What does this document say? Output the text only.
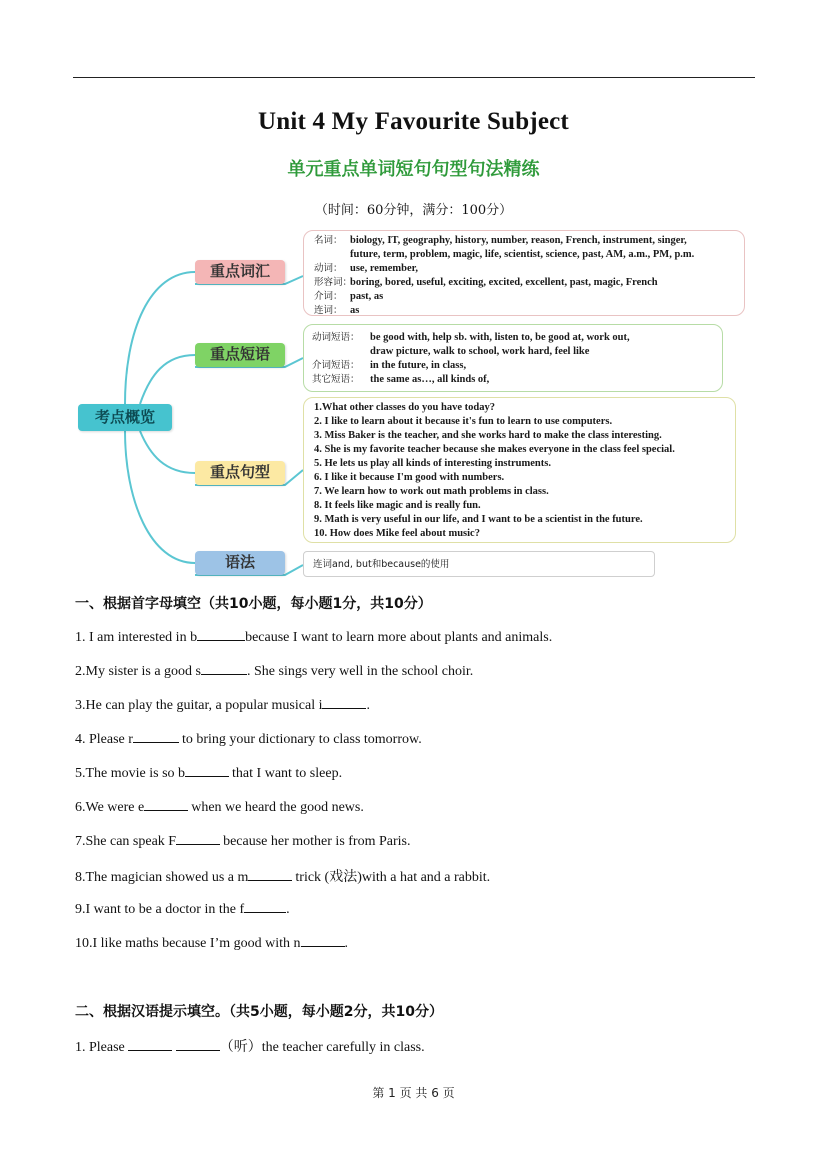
Unit 4 My Favourite Subject
单元重点单词短句句型句法精练
（时间：60分钟，满分：100分）
考点概览
重点词汇
重点短语
重点句型
语法
名词： biology, IT, geography, history, number, reason, French, instrument, singer,
future, term, problem, magic, life, scientist, science, past, AM, a.m., PM, p.m.
动词： use, remember,
形容词：
boring, bored, useful, exciting, excited, excellent, past, magic, French
介词： past, as
连词： as
动词短语： be good with, help sb. with, listen to, be good at, work out,
draw picture, walk to school, work hard, feel like
介词短语： in the future, in class,
其它短语： the same as…, all kinds of,
1.What other classes do you have today?
2. I like to learn about it because it's fun to learn to use computers.
3. Miss Baker is the teacher, and she works hard to make the class interesting.
4. She is my favorite teacher because she makes everyone in the class feel special.
5. He lets us play all kinds of interesting instruments.
6. I like it because I'm good with numbers.
7. We learn how to work out math problems in class.
8. It feels like magic and is really fun.
9. Math is very useful in our life, and I want to be a scientist in the future.
10. How does Mike feel about music?
连词and, but和because的使用
一、根据首字母填空（共10小题，每小题1分，共10分）
1. I am interested in b	because I want to learn more about plants and animals.
2.My sister is a good s	. She sings very well in the school choir.
3.He can play the guitar, a popular musical i	.
4. Please r	to bring your dictionary to class tomorrow.
5.The movie is so b	that I want to sleep.
6.We were e	when we heard the good news.
7.She can speak F	because her mother is from Paris.
8.The magician showed us a m	trick (戏法)with a hat and a rabbit.
9.I want to be a doctor in the f	.
10.I like maths because I’m good with n	.
二、根据汉语提示填空。（共5小题，每小题2分，共10分）
1. Please	（听）the teacher carefully in class.
第 1 页 共 6 页
